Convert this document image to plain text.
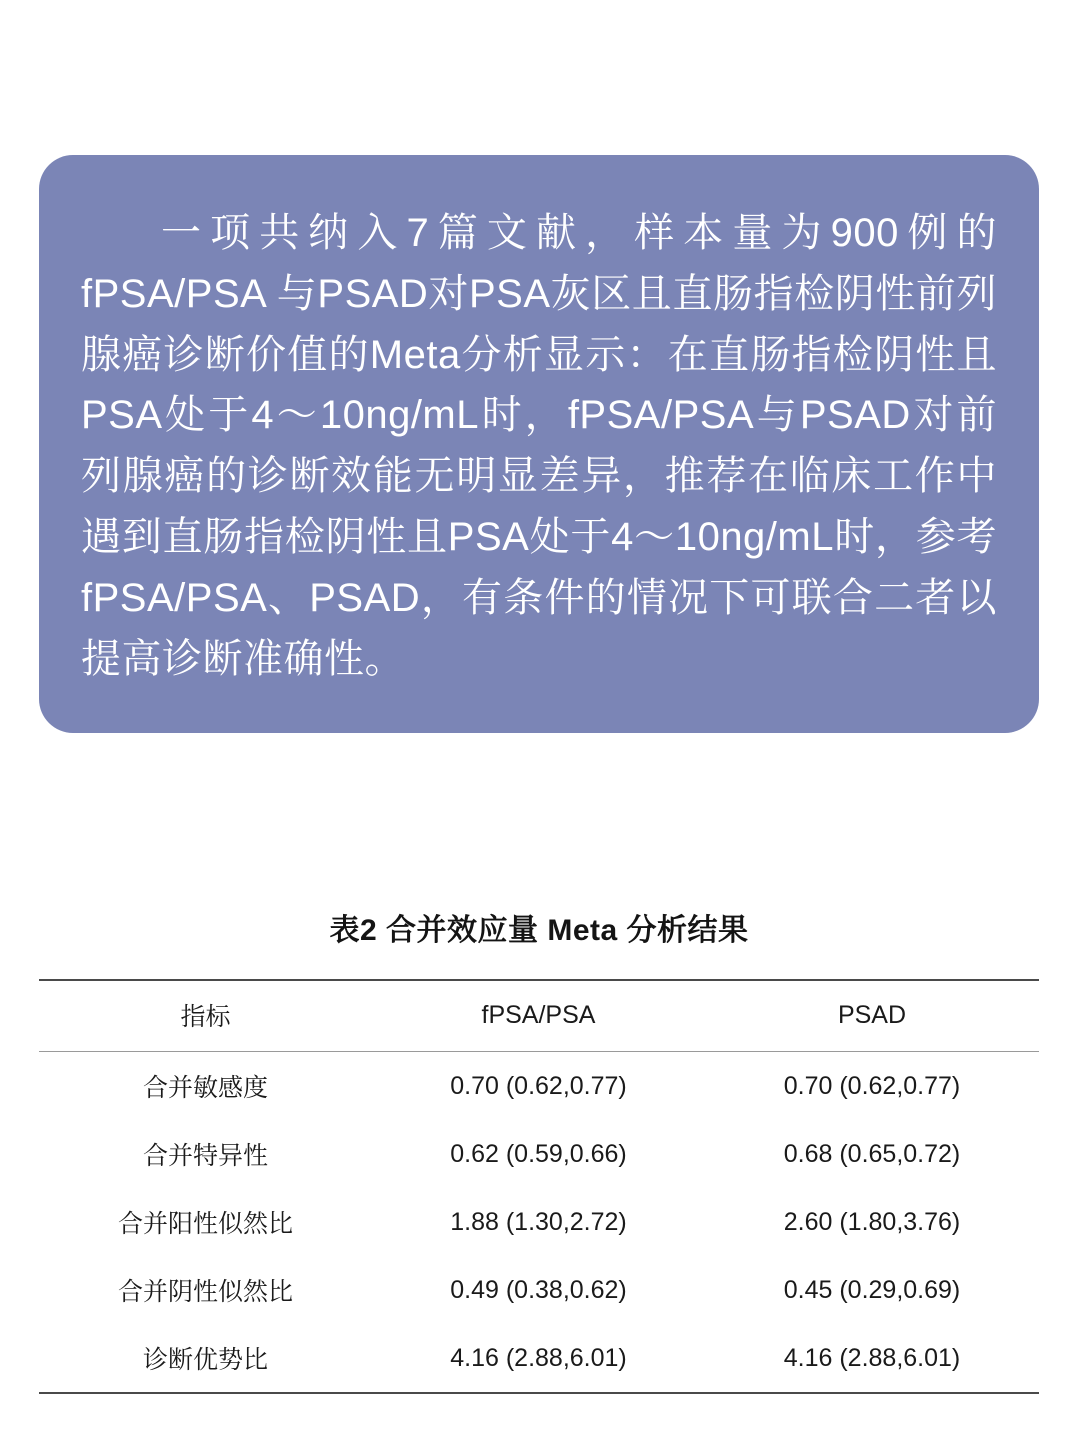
一项共纳入7篇文献，样本量为900例的fPSA/PSA 与PSAD对PSA灰区且直肠指检阴性前列腺癌诊断价值的Meta分析显示：在直肠指检阴性且PSA处于4～10ng/mL时，fPSA/PSA与PSAD对前列腺癌的诊断效能无明显差异，推荐在临床工作中遇到直肠指检阴性且PSA处于4～10ng/mL时，参考fPSA/PSA、PSAD，有条件的情况下可联合二者以提高诊断准确性。
表2 合并效应量 Meta 分析结果
指标	fPSA/PSA	PSAD
合并敏感度	0.70 (0.62,0.77)	0.70 (0.62,0.77)
合并特异性	0.62 (0.59,0.66)	0.68 (0.65,0.72)
合并阳性似然比	1.88 (1.30,2.72)	2.60 (1.80,3.76)
合并阴性似然比	0.49 (0.38,0.62)	0.45 (0.29,0.69)
诊断优势比	4.16 (2.88,6.01)	4.16 (2.88,6.01)
